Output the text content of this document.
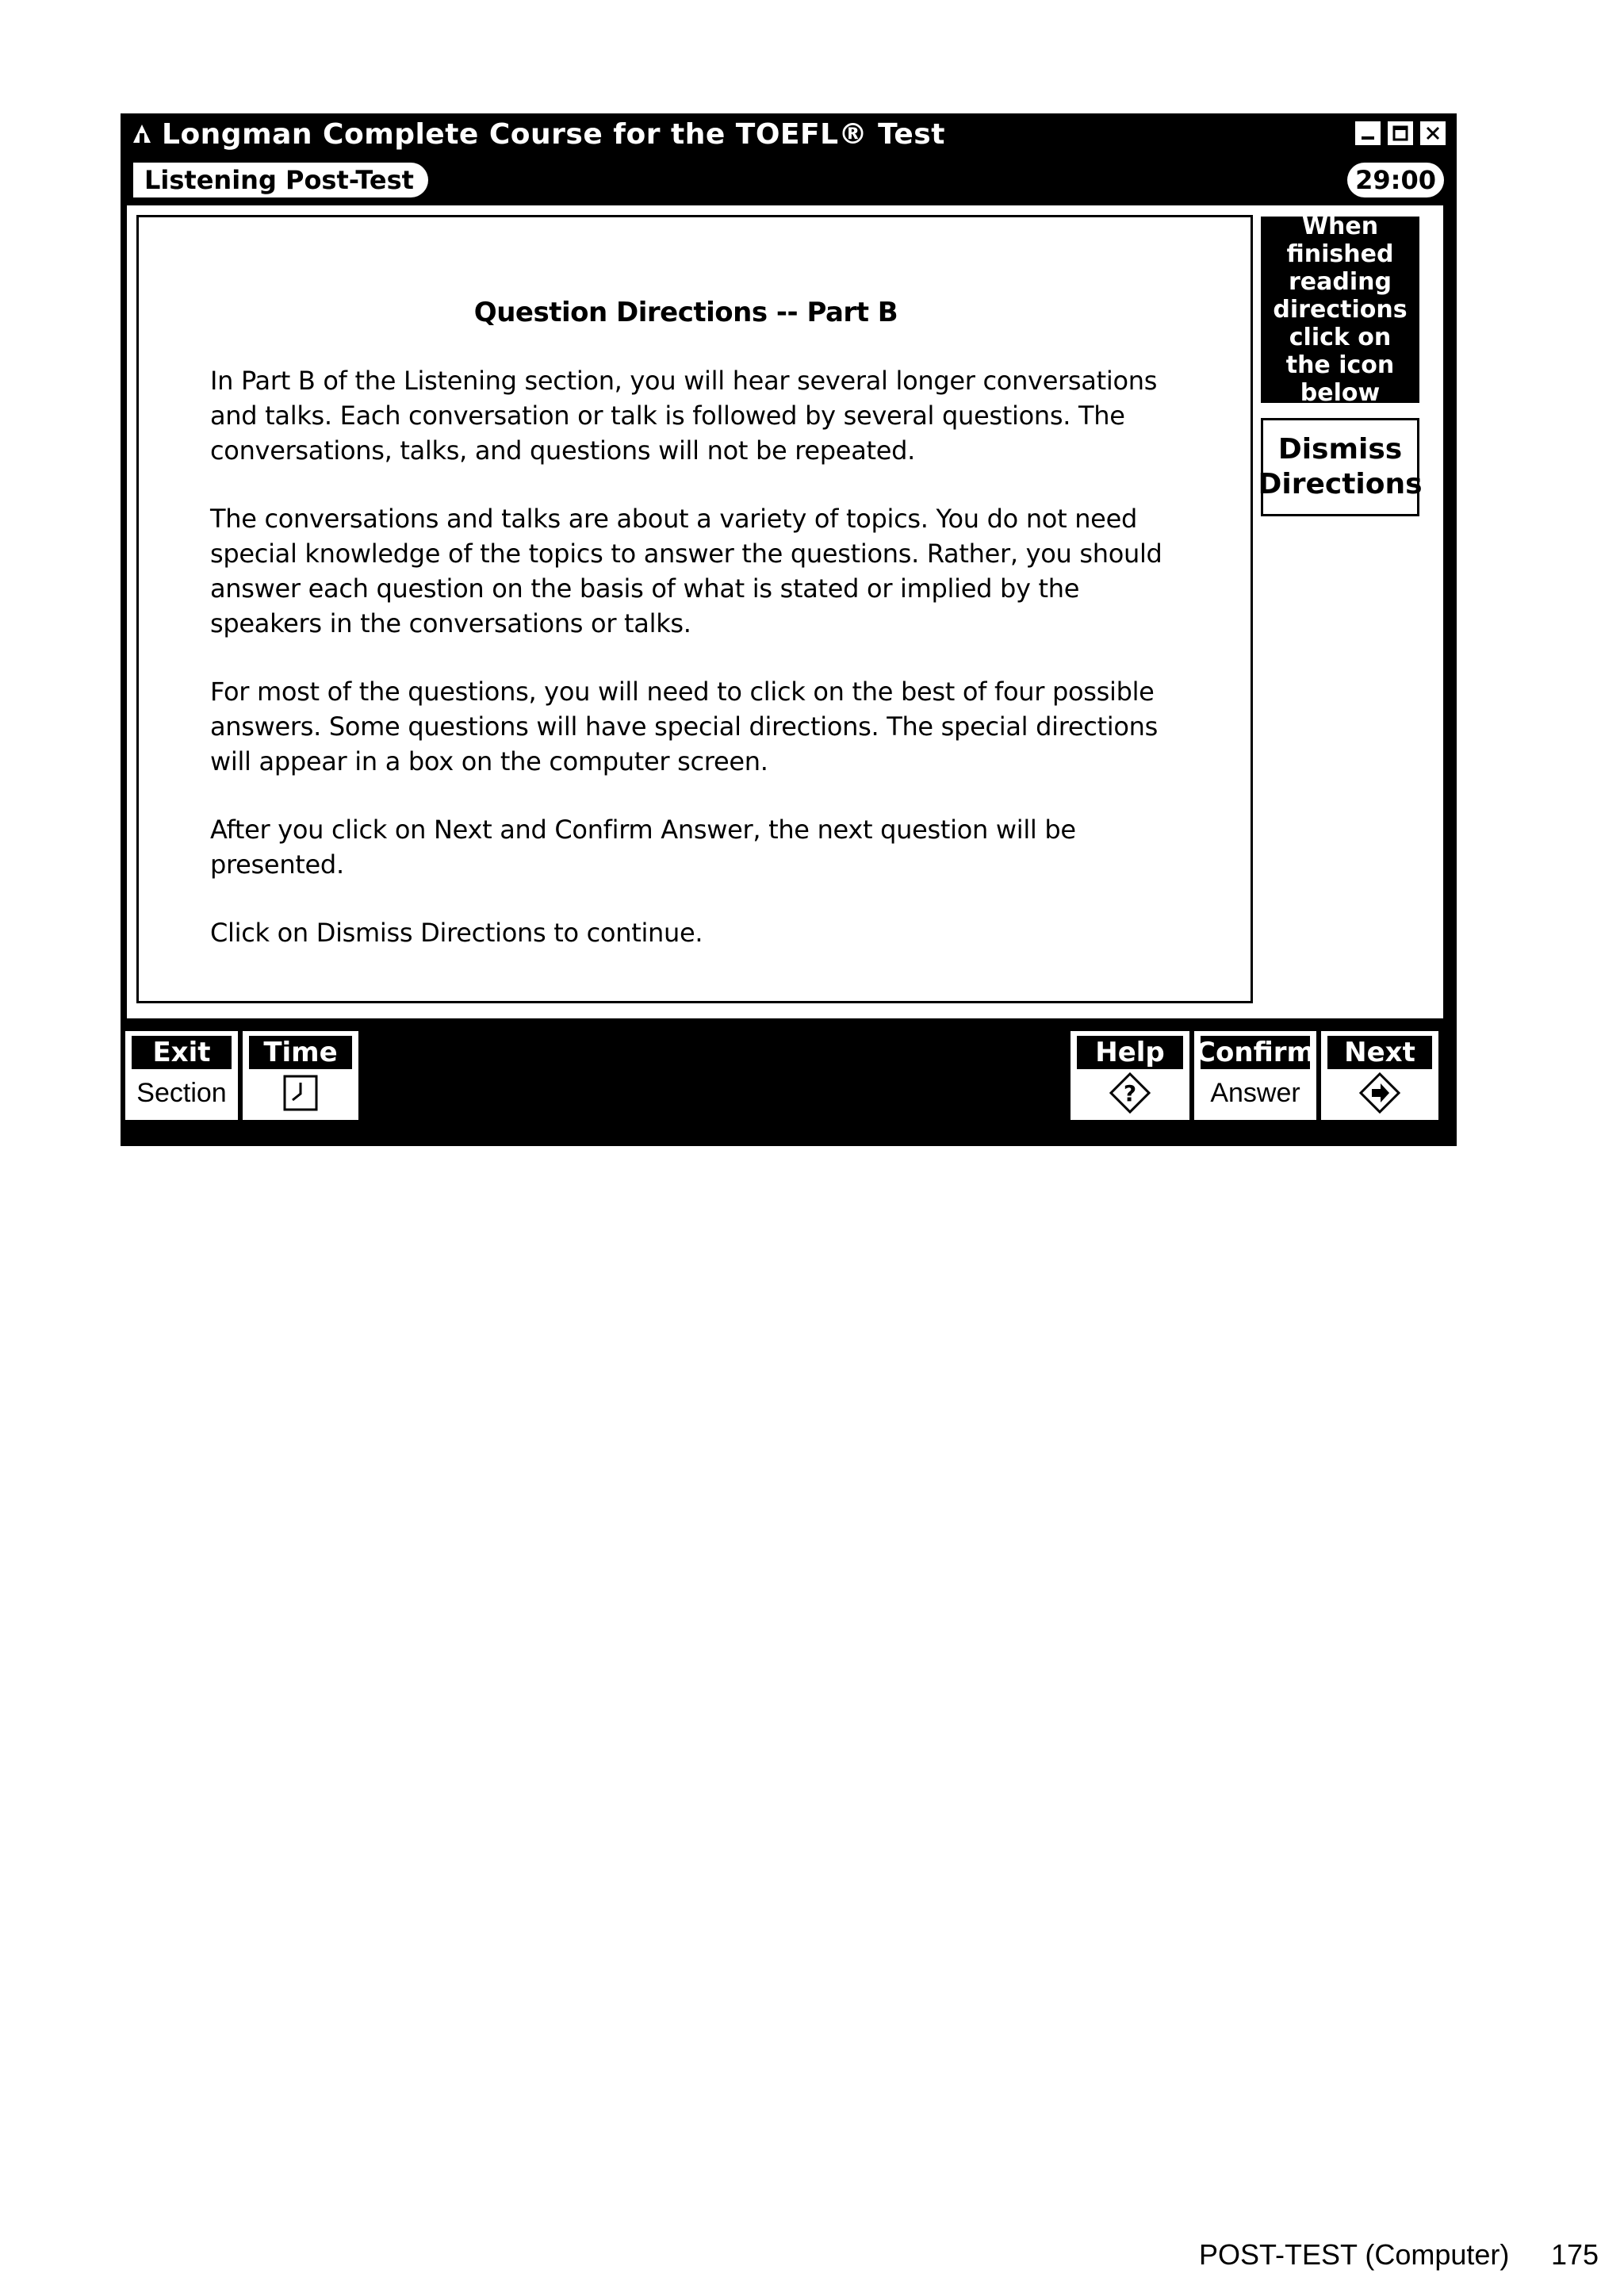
Longman Complete Course for the TOEFL® Test
Listening Post-Test	29:00
Question Directions -- Part B

In Part B of the Listening section, you will hear several longer conversations and talks. Each conversation or talk is followed by several questions. The conversations, talks, and questions will not be repeated.

The conversations and talks are about a variety of topics. You do not need special knowledge of the topics to answer the questions. Rather, you should answer each question on the basis of what is stated or implied by the speakers in the conversations or talks.

For most of the questions, you will need to click on the best of four possible answers. Some questions will have special directions. The special directions will appear in a box on the computer screen.

After you click on Next and Confirm Answer, the next question will be presented.

Click on Dismiss Directions to continue.

When finished reading directions click on the icon below
Dismiss
Directions
Exit
Section
Time	Help
?
Confirm
Answer
Next
POST-TEST (Computer) 175
